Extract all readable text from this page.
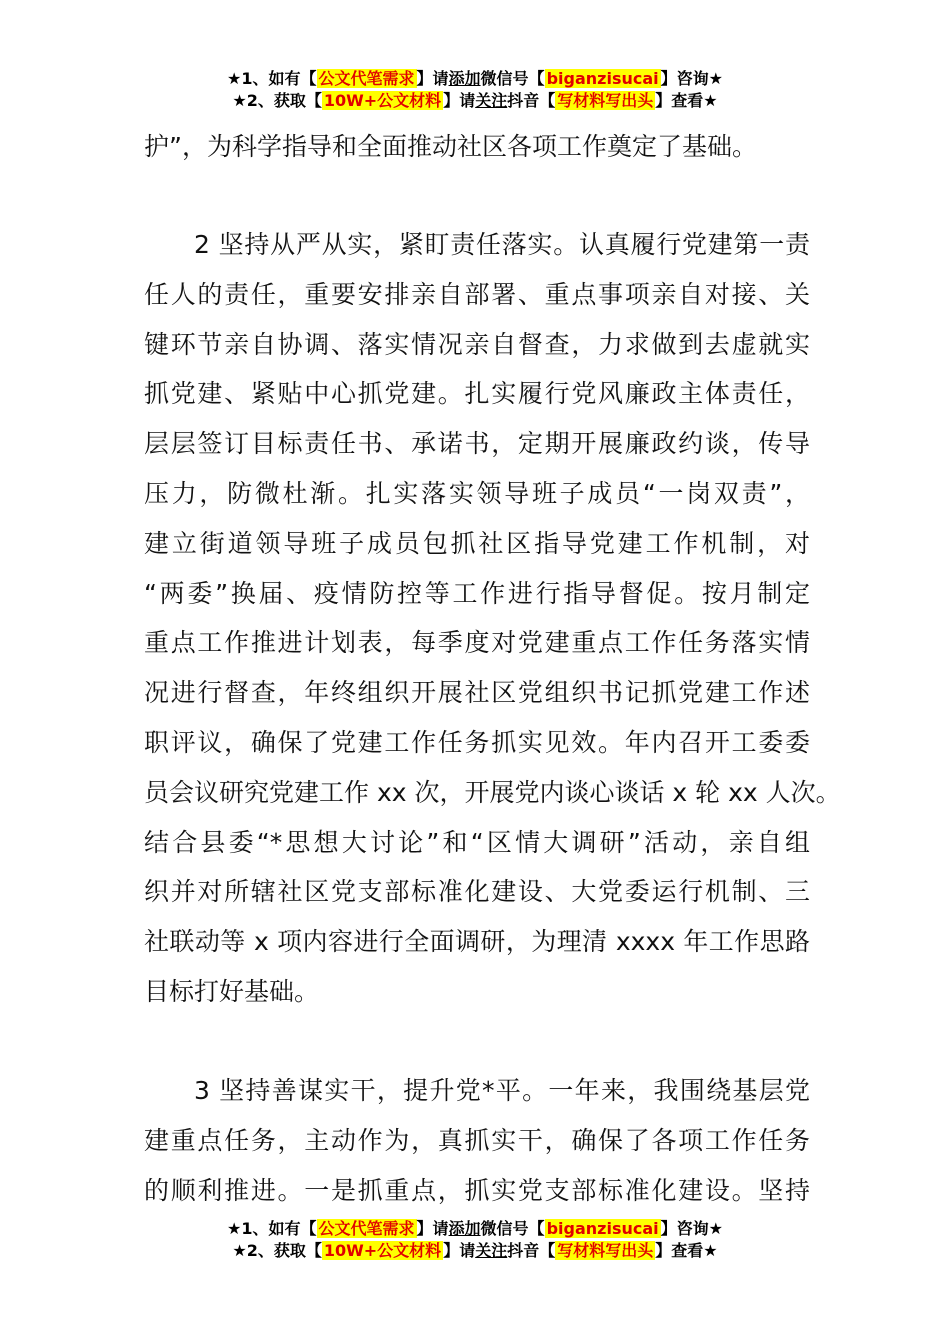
★1、如有【 公文代笔需求 】请添加微信号【 biganzisucai 】咨询★
★2、获取【 10W+公文材料 】请关注抖音【 写材料写出头 】查看★
护”，为科学指导和全面推动社区各项工作奠定了基础。
2 坚持从严从实，紧盯责任落实。认真履行党建第一责
任人的责任，重要安排亲自部署、重点事项亲自对接、关
键环节亲自协调、落实情况亲自督查，力求做到去虚就实
抓党建、紧贴中心抓党建。扎实履行党风廉政主体责任，
层层签订目标责任书、承诺书，定期开展廉政约谈，传导
压力，防微杜渐。扎实落实领导班子成员“一岗双责”，
建立街道领导班子成员包抓社区指导党建工作机制，对
“两委”换届、疫情防控等工作进行指导督促。按月制定
重点工作推进计划表，每季度对党建重点工作任务落实情
况进行督查，年终组织开展社区党组织书记抓党建工作述
职评议，确保了党建工作任务抓实见效。年内召开工委委
员会议研究党建工作 xx 次，开展党内谈心谈话 x 轮 xx 人次。
结合县委“*思想大讨论”和“区情大调研”活动，亲自组
织并对所辖社区党支部标准化建设、大党委运行机制、三
社联动等 x 项内容进行全面调研，为理清 xxxx 年工作思路
目标打好基础。
3 坚持善谋实干，提升党*平。一年来，我围绕基层党
建重点任务，主动作为，真抓实干，确保了各项工作任务
的顺利推进。一是抓重点，抓实党支部标准化建设。坚持
★1、如有【 公文代笔需求 】请添加微信号【 biganzisucai 】咨询★
★2、获取【 10W+公文材料 】请关注抖音【 写材料写出头 】查看★
